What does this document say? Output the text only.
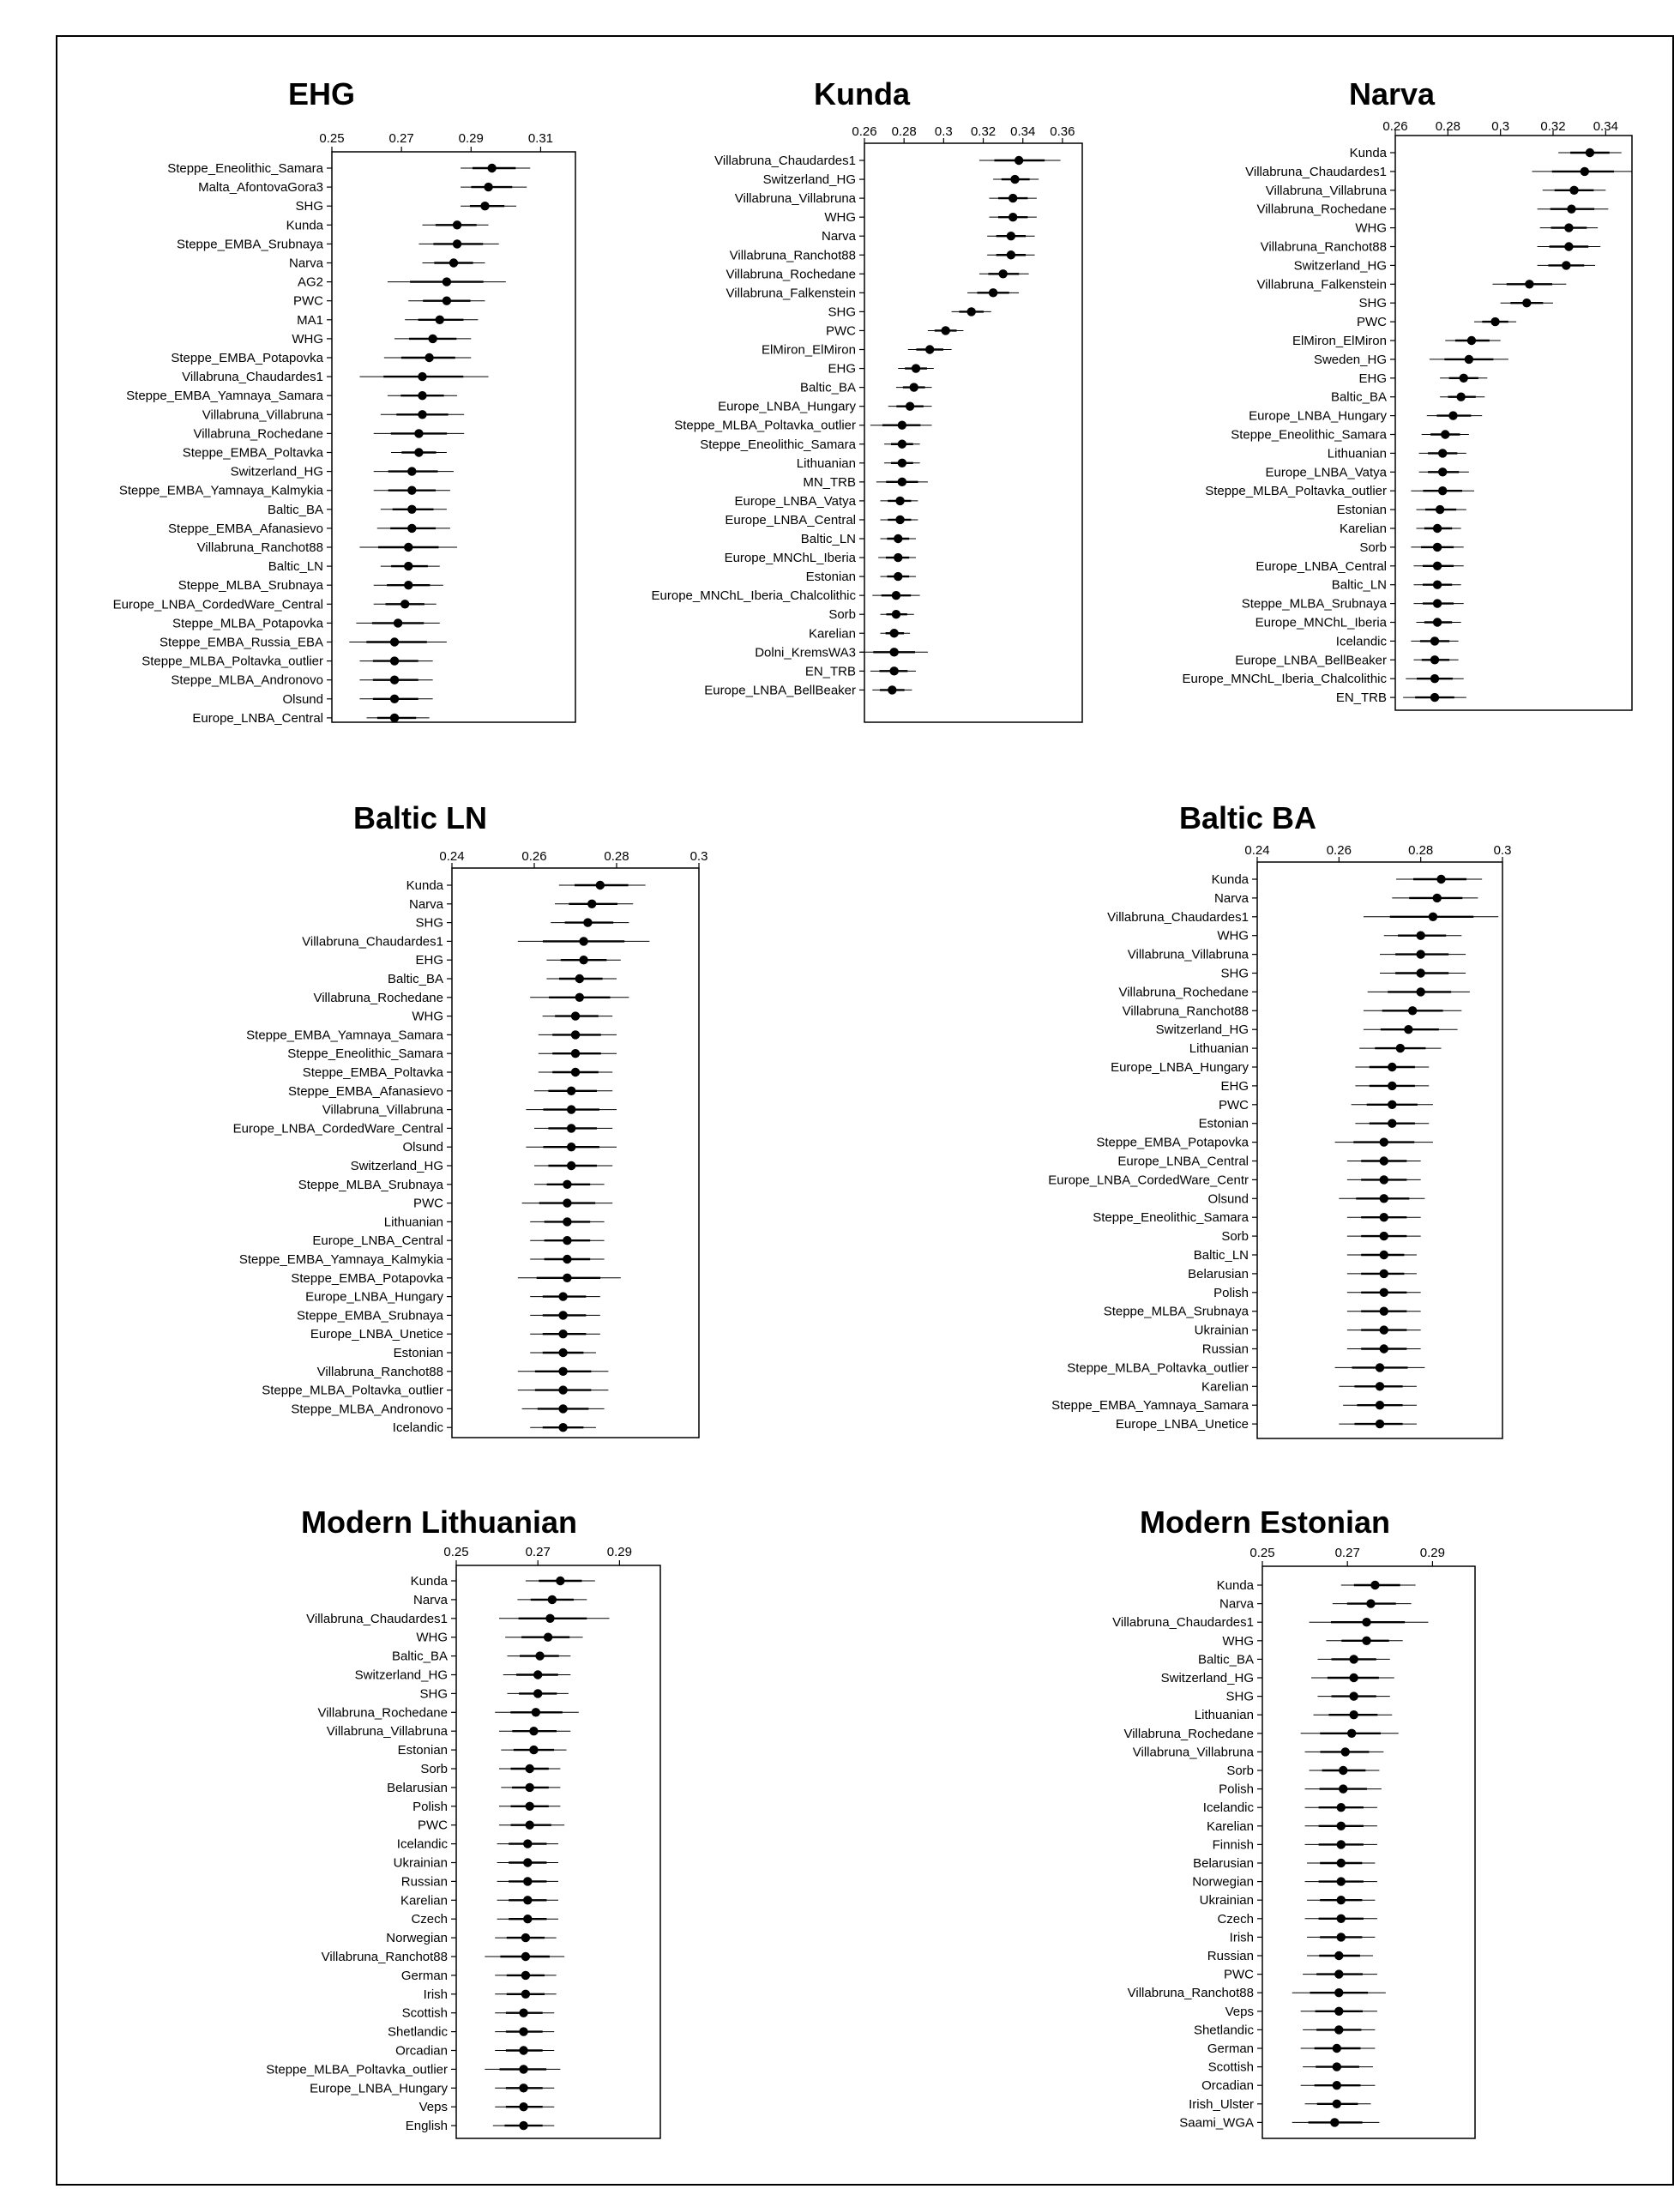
EHG
0.25	0.27	0.29	0.31
Steppe_Eneolithic_Samara
Malta_AfontovaGora3
SHG
Kunda
Steppe_EMBA_Srubnaya
Narva
AG2
PWC
MA1
WHG
Steppe_EMBA_Potapovka
Villabruna_Chaudardes1
Steppe_EMBA_Yamnaya_Samara
Villabruna_Villabruna
Villabruna_Rochedane
Steppe_EMBA_Poltavka
Switzerland_HG
Steppe_EMBA_Yamnaya_Kalmykia
Baltic_BA
Steppe_EMBA_Afanasievo
Villabruna_Ranchot88
Baltic_LN
Steppe_MLBA_Srubnaya
Europe_LNBA_CordedWare_Central
Steppe_MLBA_Potapovka
Steppe_EMBA_Russia_EBA
Steppe_MLBA_Poltavka_outlier
Steppe_MLBA_Andronovo
Olsund
Europe_LNBA_Central
Kunda
0.26 0.28 0.3 0.32 0.34 0.36
Villabruna_Chaudardes1
Switzerland_HG
Villabruna_Villabruna
WHG
Narva
Villabruna_Ranchot88
Villabruna_Rochedane
Villabruna_Falkenstein
SHG
PWC
ElMiron_ElMiron
EHG
Baltic_BA
Europe_LNBA_Hungary
Steppe_MLBA_Poltavka_outlier
Steppe_Eneolithic_Samara
Lithuanian
MN_TRB
Europe_LNBA_Vatya
Europe_LNBA_Central
Baltic_LN
Europe_MNChL_Iberia
Estonian
Europe_MNChL_Iberia_Chalcolithic
Sorb
Karelian
Dolni_KremsWA3
EN_TRB
Europe_LNBA_BellBeaker
Narva
0.26 0.28 0.3 0.32 0.34
Kunda
Villabruna_Chaudardes1
Villabruna_Villabruna
Villabruna_Rochedane
WHG
Villabruna_Ranchot88
Switzerland_HG
Villabruna_Falkenstein
SHG
PWC
ElMiron_ElMiron
Sweden_HG
EHG
Baltic_BA
Europe_LNBA_Hungary
Steppe_Eneolithic_Samara
Lithuanian
Europe_LNBA_Vatya
Steppe_MLBA_Poltavka_outlier
Estonian
Karelian
Sorb
Europe_LNBA_Central
Baltic_LN
Steppe_MLBA_Srubnaya
Europe_MNChL_Iberia
Icelandic
Europe_LNBA_BellBeaker
Europe_MNChL_Iberia_Chalcolithic
EN_TRB
Baltic LN
0.24	0.26	0.28	0.3
Kunda
Narva
SHG
Villabruna_Chaudardes1
EHG
Baltic_BA
Villabruna_Rochedane
WHG
Steppe_EMBA_Yamnaya_Samara
Steppe_Eneolithic_Samara
Steppe_EMBA_Poltavka
Steppe_EMBA_Afanasievo
Villabruna_Villabruna
Europe_LNBA_CordedWare_Central
Olsund
Switzerland_HG
Steppe_MLBA_Srubnaya
PWC
Lithuanian
Europe_LNBA_Central
Steppe_EMBA_Yamnaya_Kalmykia
Steppe_EMBA_Potapovka
Europe_LNBA_Hungary
Steppe_EMBA_Srubnaya
Europe_LNBA_Unetice
Estonian
Villabruna_Ranchot88
Steppe_MLBA_Poltavka_outlier
Steppe_MLBA_Andronovo
Icelandic
Baltic BA
0.24	0.26	0.28	0.3
Kunda
Narva
Villabruna_Chaudardes1
WHG
Villabruna_Villabruna
SHG
Villabruna_Rochedane
Villabruna_Ranchot88
Switzerland_HG
Lithuanian
Europe_LNBA_Hungary
EHG
PWC
Estonian
Steppe_EMBA_Potapovka
Europe_LNBA_Central
Europe_LNBA_CordedWare_Centr
Olsund
Steppe_Eneolithic_Samara
Sorb
Baltic_LN
Belarusian
Polish
Steppe_MLBA_Srubnaya
Ukrainian
Russian
Steppe_MLBA_Poltavka_outlier
Karelian
Steppe_EMBA_Yamnaya_Samara
Europe_LNBA_Unetice
Modern Lithuanian
0.25	0.27	0.29
Kunda
Narva
Villabruna_Chaudardes1
WHG
Baltic_BA
Switzerland_HG
SHG
Villabruna_Rochedane
Villabruna_Villabruna
Estonian
Sorb
Belarusian
Polish
PWC
Icelandic
Ukrainian
Russian
Karelian
Czech
Norwegian
Villabruna_Ranchot88
German
Irish
Scottish
Shetlandic
Orcadian
Steppe_MLBA_Poltavka_outlier
Europe_LNBA_Hungary
Veps
English
Modern Estonian
0.25	0.27	0.29
Kunda
Narva
Villabruna_Chaudardes1
WHG
Baltic_BA
Switzerland_HG
SHG
Lithuanian
Villabruna_Rochedane
Villabruna_Villabruna
Sorb
Polish
Icelandic
Karelian
Finnish
Belarusian
Norwegian
Ukrainian
Czech
Irish
Russian
PWC
Villabruna_Ranchot88
Veps
Shetlandic
German
Scottish
Orcadian
Irish_Ulster
Saami_WGA
